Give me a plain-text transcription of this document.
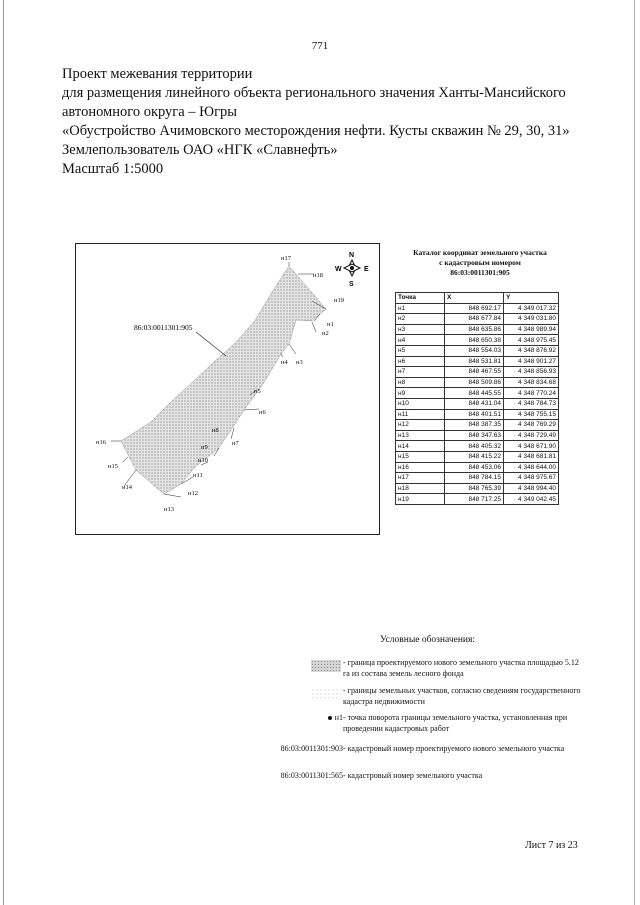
771
Проект межевания территории
для размещения линейного объекта регионального значения Ханты-Мансийского
автономного округа – Югры
«Обустройство Ачимовского месторождения нефти. Кусты скважин № 29, 30, 31»
Землепользователь ОАО «НГК «Славнефть»
Масштаб 1:5000
N
S
W	E
86:03:0011301:905
н17
н18
н19
н1
н2
н4 н3
н5
н6
н8
н7
н9
н10
н11
н12
н13
н14
н15
н16
Каталог координат земельного участка
с кадастровым номером
86:03:0011301:905
Точка	X	Y
н1	848 692.17	4 349 017.32
н2	848 677.84	4 349 031.80
н3	848 635.86	4 348 989.94
н4	848 650.38	4 348 975.45
н5	848 554.03	4 348 876.92
н6	848 531.81	4 348 901.27
н7	848 467.55	4 348 856.93
н8	848 509.86	4 348 834.68
н9	848 445.55	4 348 770.24
н10	848 431.04	4 348 784.73
н11	848 401.51	4 348 755.15
н12	848 387.35	4 348 769.29
н13	848 347.63	4 348 729.49
н14	848 405.32	4 348 671.90
н15	848 415.22	4 348 681.81
н16	848 453.06	4 348 644.00
н17	848 784.15	4 348 975.67
н18	848 765.39	4 348 994.40
н19	848 717.25	4 349 042.45
Условные обозначения:
- граница проектируемого нового земельного участка площадью 5.12 га из состава земель лесного фонда
- границы земельных участков, согласно сведениям государственного кадастра недвижимости
н1 - точка поворота границы земельного участка, установленная при проведении кадастровых работ
86:03:0011301:903 - кадастровый номер проектируемого нового земельного участка
86:03:0011301:565 - кадастровый номер земельного участка
Лист 7 из 23
